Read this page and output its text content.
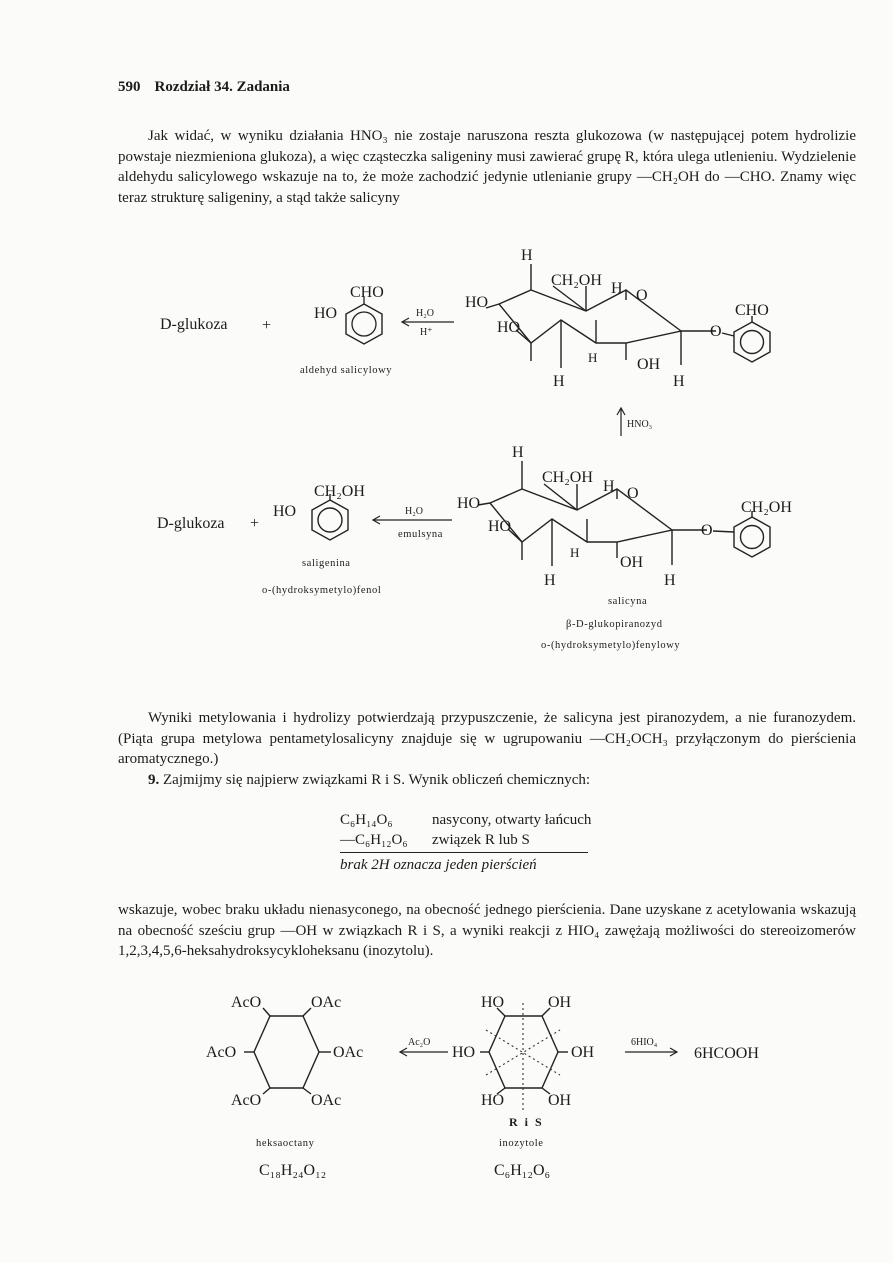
590 Rozdział 34. Zadania
Jak widać, w wyniku działania HNO₃ nie zostaje naruszona reszta glukozowa (w następującej potem hydrolizie powstaje niezmieniona glukoza), a więc cząsteczka saligeniny musi zawierać grupę R, która ulega utlenieniu. Wydzielenie aldehydu salicylowego wskazuje na to, że może zachodzić jedynie utlenianie grupy —CH₂OH do —CHO. Znamy więc teraz strukturę saligeniny, a stąd także salicyny
D-glukoza +
CHO
HO
aldehyd salicylowy
H₂O
H⁺
H
CH₂OH H O
HO
HO
H OH
H	H
O
CHO
HNO₃
D-glukoza +
CH₂OH
HO
saligenina
o-(hydroksymetylo)fenol
H₂O
emulsyna
H
CH₂OH
H O
HO
HO
H
OH
H	H
O
CH₂OH
salicyna
β-D-glukopiranozyd
o-(hydroksymetylo)fenylowy
AcO	OAc
AcO	OAc
AcO	OAc
heksaoctany
C₁₈H₂₄O₁₂
Ac₂O
HO	OH
HO	OH
HO	OH
R i S
inozytole
C₆H₁₂O₆
6HIO₄
6HCOOH
Wyniki metylowania i hydrolizy potwierdzają przypuszczenie, że salicyna jest piranozydem, a nie furanozydem. (Piąta grupa metylowa pentametylosalicyny znajduje się w ugrupowaniu —CH₂OCH₃ przyłączonym do pierścienia aromatycznego.)
9. Zajmijmy się najpierw związkami R i S. Wynik obliczeń chemicznych:
C₆H₁₄O₆	nasycony, otwarty łańcuch
—C₆H₁₂O₆ związek R lub S
brak 2H oznacza jeden pierścień
wskazuje, wobec braku układu nienasyconego, na obecność jednego pierścienia. Dane uzyskane z acetylowania wskazują na obecność sześciu grup —OH w związkach R i S, a wyniki reakcji z HIO₄ zawężają możliwości do stereoizomerów 1,2,3,4,5,6-heksahydroksycykloheksanu (inozytolu).
